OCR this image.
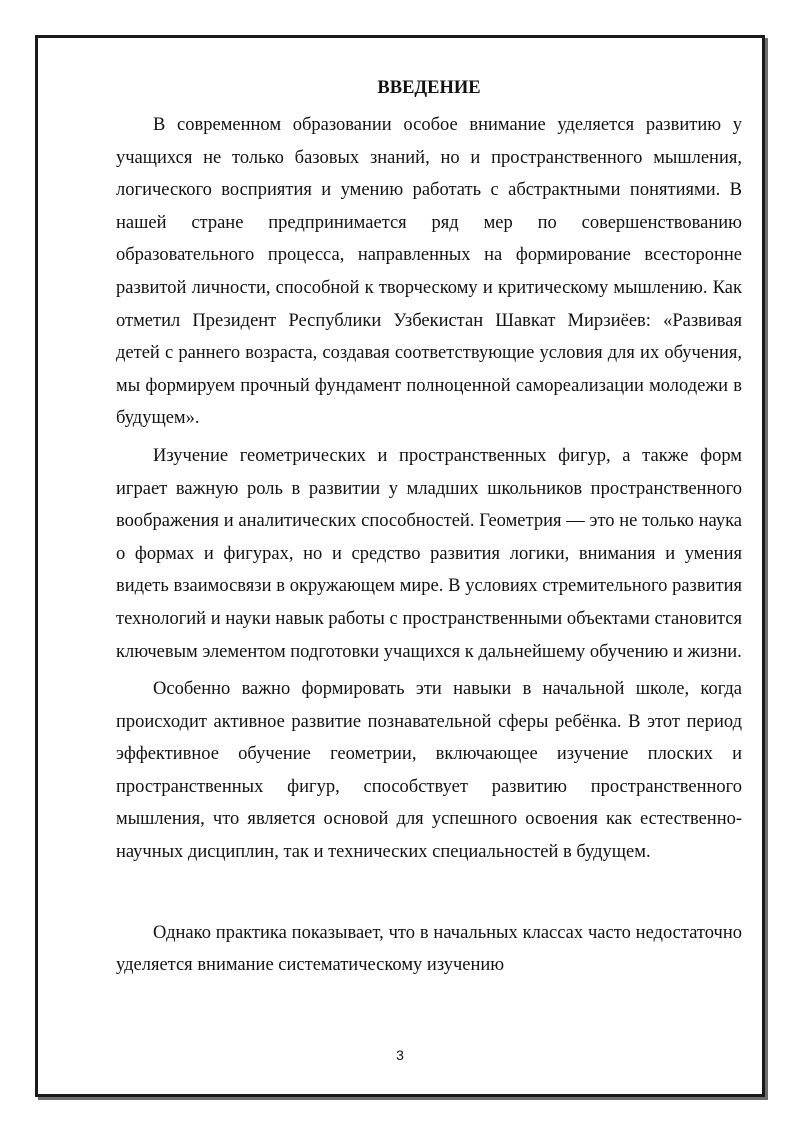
ВВЕДЕНИЕ

В современном образовании особое внимание уделяется развитию у учащихся не только базовых знаний, но и пространственного мышления, логического восприятия и умению работать с абстрактными понятиями. В нашей стране предпринимается ряд мер по совершенствованию образовательного процесса, направленных на формирование всесторонне развитой личности, способной к творческому и критическому мышлению. Как отметил Президент Республики Узбекистан Шавкат Мирзиёев: «Развивая детей с раннего возраста, создавая соответствующие условия для их обучения, мы формируем прочный фундамент полноценной самореализации молодежи в будущем».

Изучение геометрических и пространственных фигур, а также форм играет важную роль в развитии у младших школьников пространственного воображения и аналитических способностей. Геометрия — это не только наука о формах и фигурах, но и средство развития логики, внимания и умения видеть взаимосвязи в окружающем мире. В условиях стремительного развития технологий и науки навык работы с пространственными объектами становится ключевым элементом подготовки учащихся к дальнейшему обучению и жизни.

Особенно важно формировать эти навыки в начальной школе, когда происходит активное развитие познавательной сферы ребёнка. В этот период эффективное обучение геометрии, включающее изучение плоских и пространственных фигур, способствует развитию пространственного мышления, что является основой для успешного освоения как естественно-научных дисциплин, так и технических специальностей в будущем.

Однако практика показывает, что в начальных классах часто недостаточно уделяется внимание систематическому изучению

3
